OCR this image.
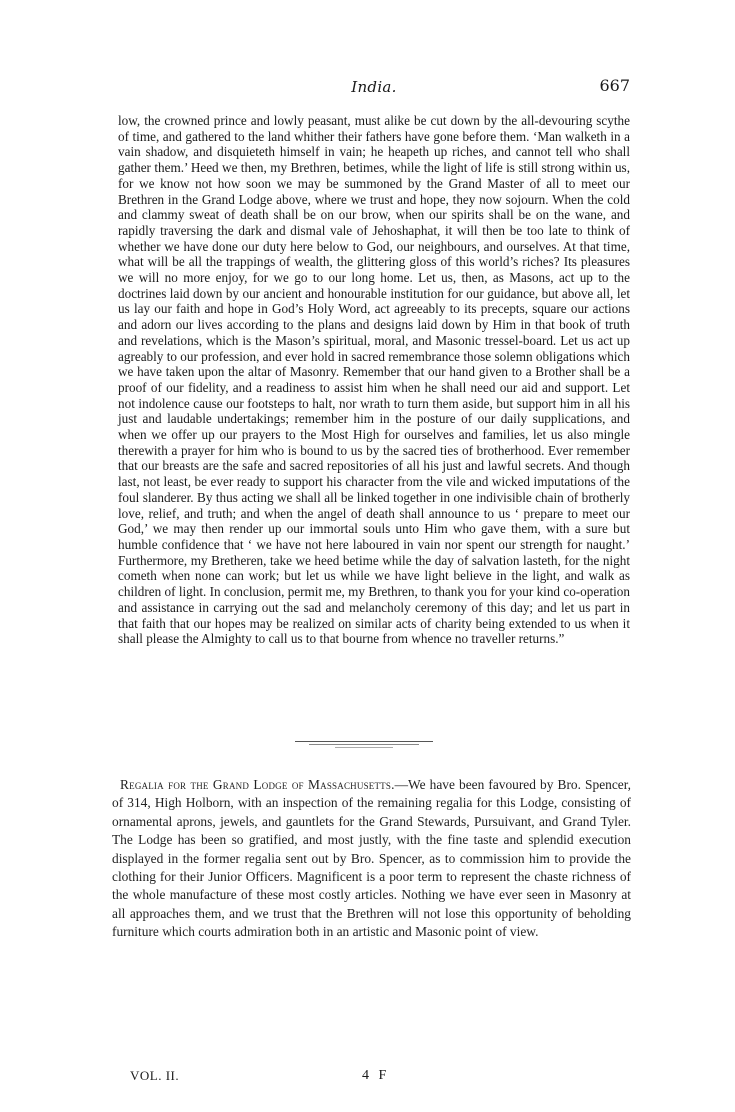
India.	667

low, the crowned prince and lowly peasant, must alike be cut down by the all-devouring scythe of time, and gathered to the land whither their fathers have gone before them. ‘Man walketh in a vain shadow, and disquieteth himself in vain; he heapeth up riches, and cannot tell who shall gather them.’ Heed we then, my Brethren, betimes, while the light of life is still strong within us, for we know not how soon we may be summoned by the Grand Master of all to meet our Brethren in the Grand Lodge above, where we trust and hope, they now sojourn. When the cold and clammy sweat of death shall be on our brow, when our spirits shall be on the wane, and rapidly traversing the dark and dismal vale of Jehoshaphat, it will then be too late to think of whether we have done our duty here below to God, our neighbours, and ourselves. At that time, what will be all the trappings of wealth, the glittering gloss of this world’s riches? Its pleasures we will no more enjoy, for we go to our long home. Let us, then, as Masons, act up to the doctrines laid down by our ancient and honourable institution for our guidance, but above all, let us lay our faith and hope in God’s Holy Word, act agreeably to its precepts, square our actions and adorn our lives according to the plans and designs laid down by Him in that book of truth and revelations, which is the Mason’s spiritual, moral, and Masonic tressel-board. Let us act up agreably to our profession, and ever hold in sacred remembrance those solemn obligations which we have taken upon the altar of Masonry. Remember that our hand given to a Brother shall be a proof of our fidelity, and a readiness to assist him when he shall need our aid and support. Let not indolence cause our footsteps to halt, nor wrath to turn them aside, but support him in all his just and laudable undertakings; remember him in the posture of our daily supplications, and when we offer up our prayers to the Most High for ourselves and families, let us also mingle therewith a prayer for him who is bound to us by the sacred ties of brotherhood. Ever remember that our breasts are the safe and sacred repositories of all his just and lawful secrets. And though last, not least, be ever ready to support his character from the vile and wicked imputations of the foul slanderer. By thus acting we shall all be linked together in one indivisible chain of brotherly love, relief, and truth; and when the angel of death shall announce to us ‘ prepare to meet our God,’ we may then render up our immortal souls unto Him who gave them, with a sure but humble confidence that ‘ we have not here laboured in vain nor spent our strength for naught.’ Furthermore, my Bretheren, take we heed betime while the day of salvation lasteth, for the night cometh when none can work; but let us while we have light believe in the light, and walk as children of light. In conclusion, permit me, my Brethren, to thank you for your kind co-operation and assistance in carrying out the sad and melancholy ceremony of this day; and let us part in that faith that our hopes may be realized on similar acts of charity being extended to us when it shall please the Almighty to call us to that bourne from whence no traveller returns.”

Regalia for the Grand Lodge of Massachusetts.—We have been favoured by Bro. Spencer, of 314, High Holborn, with an inspection of the remaining regalia for this Lodge, consisting of ornamental aprons, jewels, and gauntlets for the Grand Stewards, Pursuivant, and Grand Tyler. The Lodge has been so gratified, and most justly, with the fine taste and splendid execution displayed in the former regalia sent out by Bro. Spencer, as to commission him to provide the clothing for their Junior Officers. Magnificent is a poor term to represent the chaste richness of the whole manufacture of these most costly articles. Nothing we have ever seen in Masonry at all approaches them, and we trust that the Brethren will not lose this opportunity of beholding furniture which courts admiration both in an artistic and Masonic point of view.

VOL. II.	4 F
